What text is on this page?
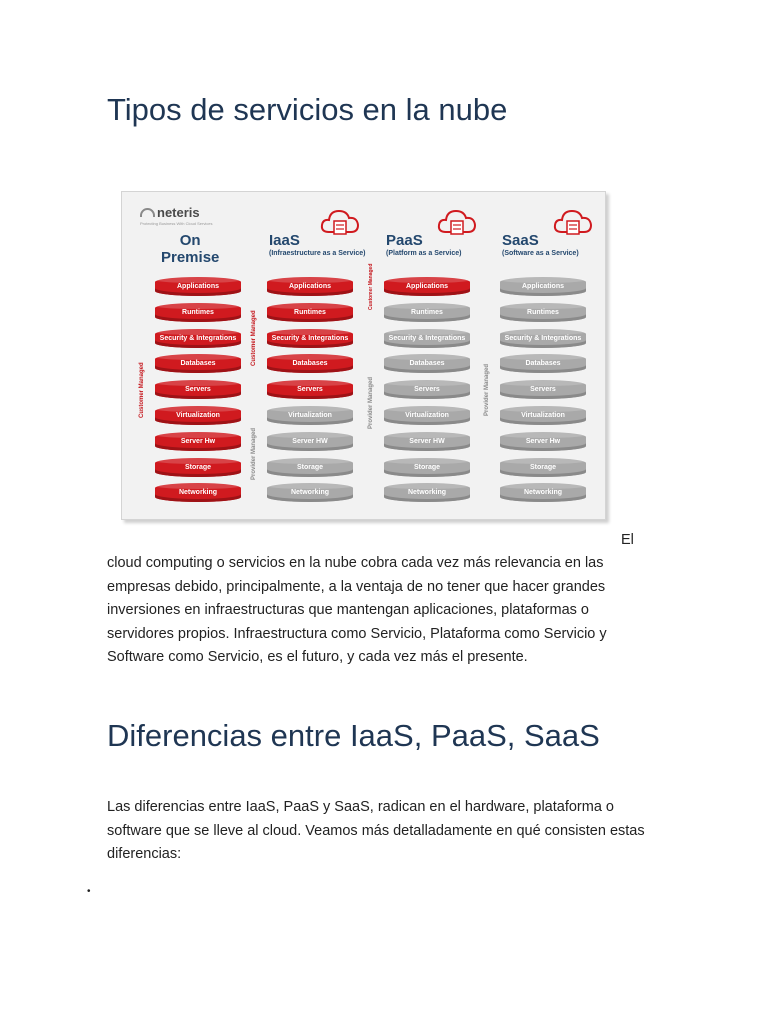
Tipos de servicios en la nube
neteris
Protecting Business With Cloud Services
On
Premise
Applications
Runtimes
Security & Integrations
Databases
Servers
Virtualization
Server Hw
Storage
Networking
Customer Managed
IaaS
(Infraestructure as a Service)
Applications
Runtimes
Security & Integrations
Databases
Servers
Virtualization
Server HW
Storage
Networking
Customer Managed
Provider Managed
PaaS
(Platform as a Service)
Applications
Runtimes
Security & Integrations
Databases
Servers
Virtualization
Server HW
Storage
Networking
Customer Managed
Provider Managed
SaaS
(Software as a Service)
Applications
Runtimes
Security & Integrations
Databases
Servers
Virtualization
Server Hw
Storage
Networking
Provider Managed
El
cloud computing o servicios en la nube cobra cada vez más relevancia en las empresas debido, principalmente, a la ventaja de no tener que hacer grandes inversiones en infraestructuras que mantengan aplicaciones, plataformas o servidores propios. Infraestructura como Servicio, Plataforma como Servicio y Software como Servicio, es el futuro, y cada vez más el presente.
Diferencias entre IaaS, PaaS, SaaS
Las diferencias entre IaaS, PaaS y SaaS, radican en el hardware, plataforma o software que se lleve al cloud. Veamos más detalladamente en qué consisten estas diferencias:
•
